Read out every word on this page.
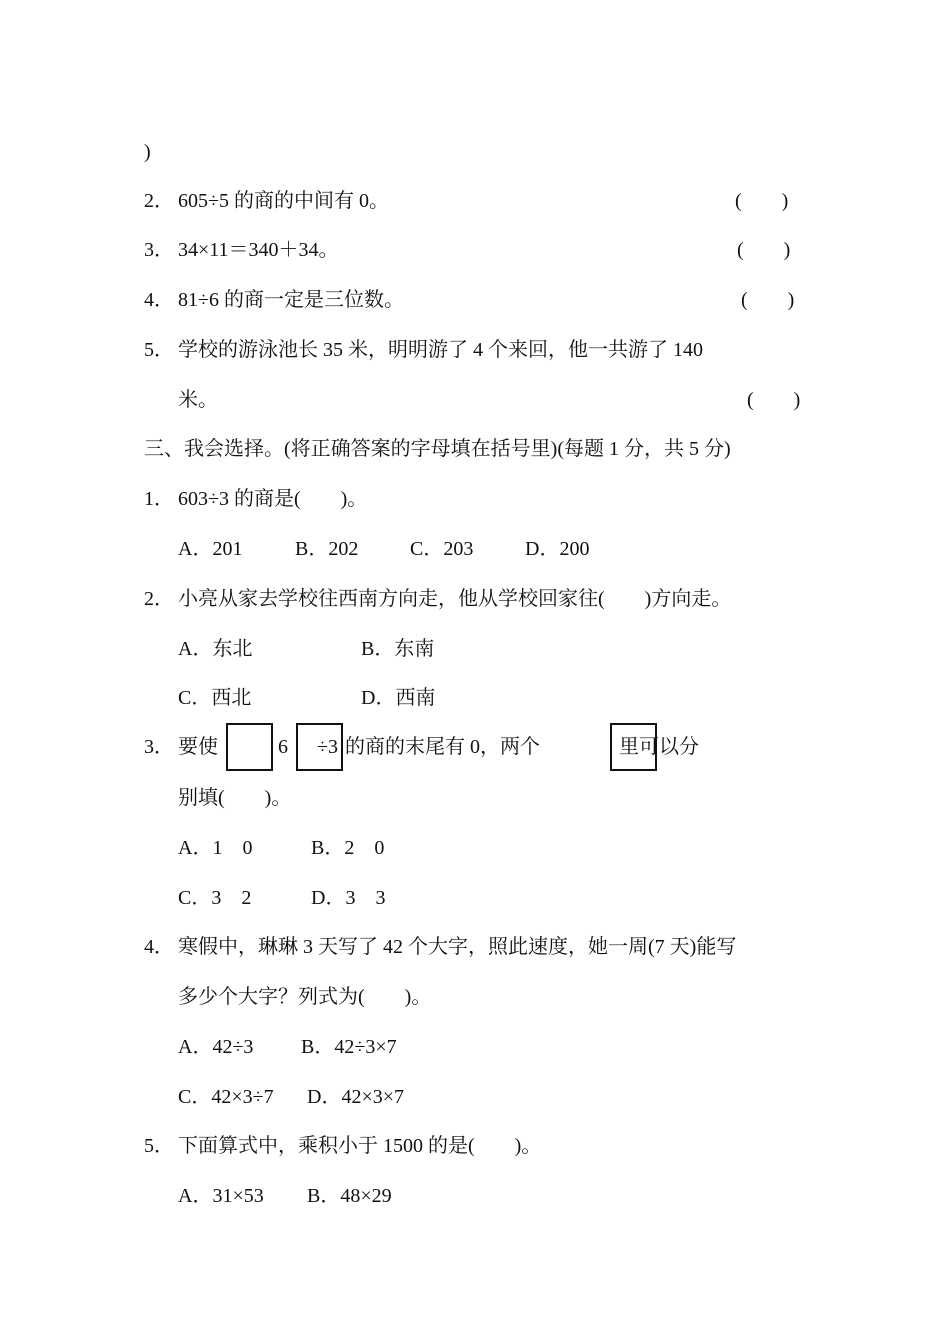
)
2． 605÷5 的商的中间有 0。	(　　)
3． 34×11＝340＋34。	(　　)
4． 81÷6 的商一定是三位数。	(　　)
5． 学校的游泳池长 35 米，明明游了 4 个来回，他一共游了 140
米。	(　　)
三、我会选择。(将正确答案的字母填在括号里)(每题 1 分，共 5 分)
1． 603÷3 的商是(　　)。
A．201	B．202	C．203	D．200
2． 小亮从家去学校往西南方向走，他从学校回家往(　　)方向走。
A．东北	B．东南
C．西北	D．西南
3． 要使	6 ÷3 的商的末尾有 0，两个	里可以分
别填(　　)。
A．1　0	B．2　0
C．3　2	D．3　3
4． 寒假中，琳琳 3 天写了 42 个大字，照此速度，她一周(7 天)能写
多少个大字？列式为(　　)。
A．42÷3 B．42÷3×7
C．42×3÷7 D．42×3×7
5． 下面算式中，乘积小于 1500 的是(　　)。
A．31×53 B．48×29
